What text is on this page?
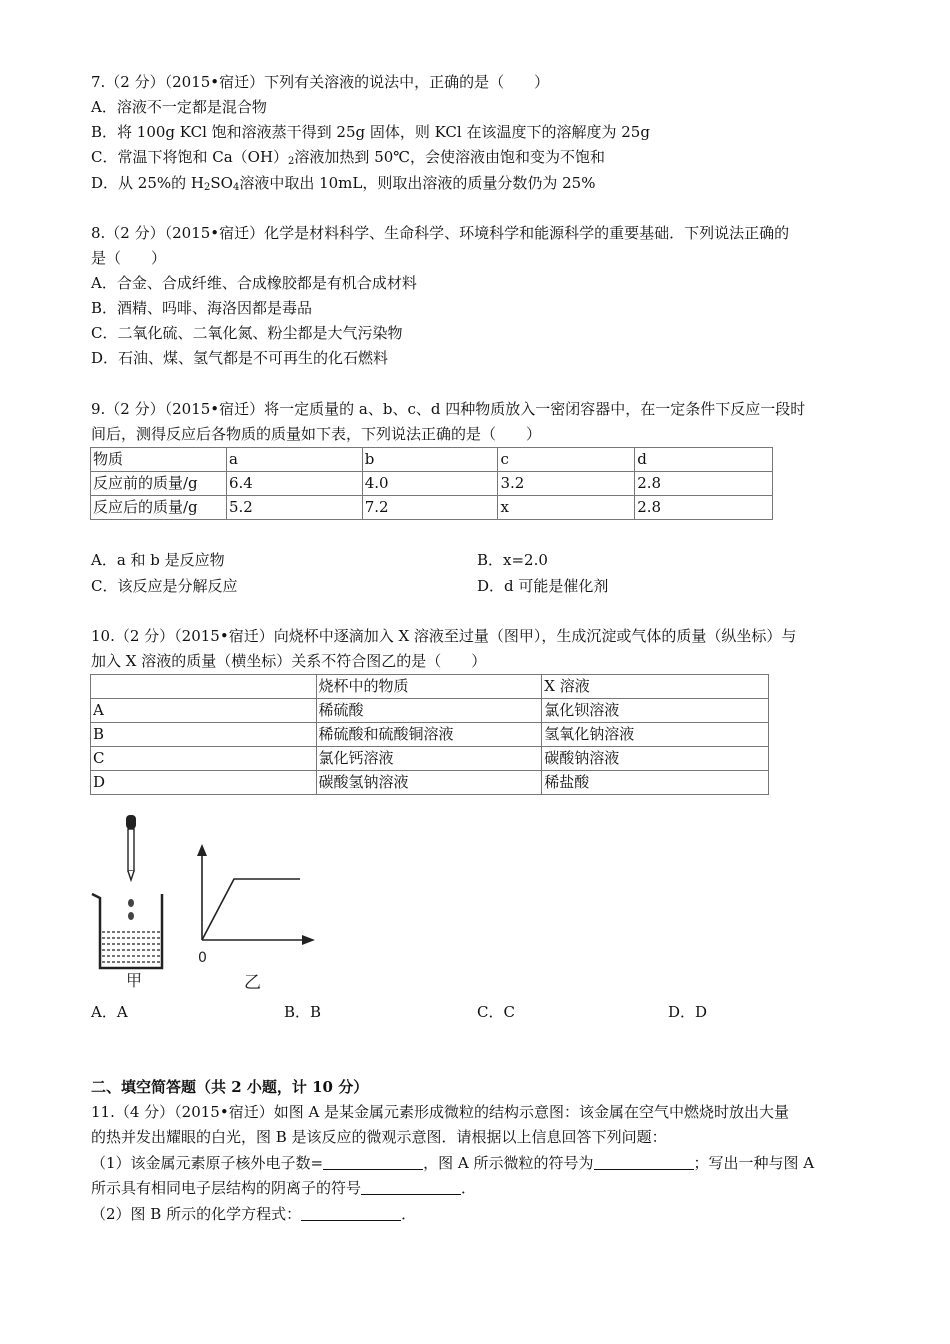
7.（2 分）（2015•宿迁）下列有关溶液的说法中，正确的是（　　）
A．溶液不一定都是混合物
B．将 100g KCl 饱和溶液蒸干得到 25g 固体，则 KCl 在该温度下的溶解度为 25g
C．常温下将饱和 $Ca(OH)_2$溶液加热到 50℃，会使溶液由饱和变为不饱和
D．从 25%的 $H_2SO_4$溶液中取出 10mL，则取出溶液的质量分数仍为 25%
8.（2 分）（2015•宿迁）化学是材料科学、生命科学、环境科学和能源科学的重要基础．下列说法正确的
是（　　）
A．合金、合成纤维、合成橡胶都是有机合成材料
B．酒精、吗啡、海洛因都是毒品
C．二氧化硫、二氧化氮、粉尘都是大气污染物
D．石油、煤、氢气都是不可再生的化石燃料
9.（2 分）（2015•宿迁）将一定质量的 a、b、c、d 四种物质放入一密闭容器中，在一定条件下反应一段时
间后，测得反应后各物质的质量如下表，下列说法正确的是（　　）
物质	a	b	c	d
反应前的质量/g	6.4	4.0	3.2	2.8
反应后的质量/g	5.2	7.2	x	2.8
A．a 和 b 是反应物	B．x=2.0
C．该反应是分解反应	D．d 可能是催化剂
10.（2 分）（2015•宿迁）向烧杯中逐滴加入 X 溶液至过量（图甲），生成沉淀或气体的质量（纵坐标）与
加入 X 溶液的质量（横坐标）关系不符合图乙的是（　　）
	烧杯中的物质	X 溶液
A	稀硫酸	氯化钡溶液
B	稀硫酸和硫酸铜溶液	氢氧化钠溶液
C	氯化钙溶液	碳酸钠溶液
D	碳酸氢钠溶液	稀盐酸
0
甲	乙
A．A	B．B	C．C	D．D
二、填空简答题（共 2 小题，计 10 分）
11.（4 分）（2015•宿迁）如图 A 是某金属元素形成微粒的结构示意图：该金属在空气中燃烧时放出大量
的热并发出耀眼的白光，图 B 是该反应的微观示意图．请根据以上信息回答下列问题：
（1）该金属元素原子核外电子数=	，图 A 所示微粒的符号为	；写出一种与图 A
所示具有相同电子层结构的阴离子的符号	．
（2）图 B 所示的化学方程式：	．
